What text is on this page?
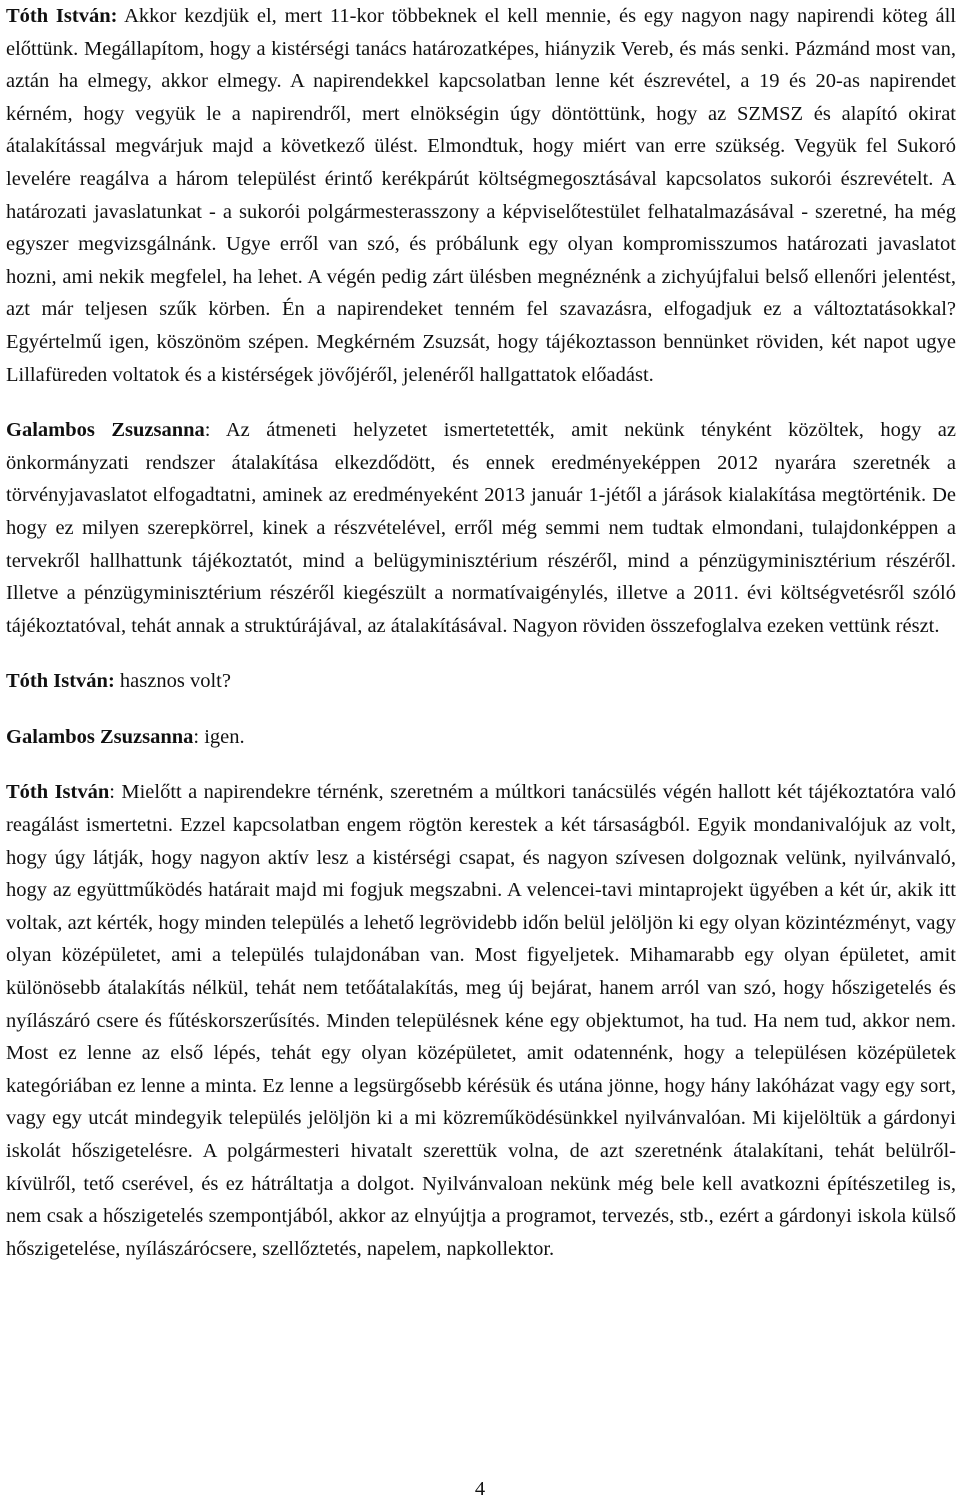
Tóth István: Akkor kezdjük el, mert 11-kor többeknek el kell mennie, és egy nagyon nagy napirendi köteg áll előttünk. Megállapítom, hogy a kistérségi tanács határozatképes, hiányzik Vereb, és más senki. Pázmánd most van, aztán ha elmegy, akkor elmegy. A napirendekkel kapcsolatban lenne két észrevétel, a 19 és 20-as napirendet kérném, hogy vegyük le a napirendről, mert elnökségin úgy döntöttünk, hogy az SZMSZ és alapító okirat átalakítással megvárjuk majd a következő ülést. Elmondtuk, hogy miért van erre szükség. Vegyük fel Sukoró levelére reagálva a három települést érintő kerékpárút költségmegosztásával kapcsolatos sukorói észrevételt. A határozati javaslatunkat - a sukorói polgármesterasszony a képviselőtestület felhatalmazásával - szeretné, ha még egyszer megvizsgálnánk. Ugye erről van szó, és próbálunk egy olyan kompromisszumos határozati javaslatot hozni, ami nekik megfelel, ha lehet. A végén pedig zárt ülésben megnéznénk a zichyújfalui belső ellenőri jelentést, azt már teljesen szűk körben. Én a napirendeket tenném fel szavazásra, elfogadjuk ez a változtatásokkal? Egyértelmű igen, köszönöm szépen. Megkérném Zsuzsát, hogy tájékoztasson bennünket röviden, két napot ugye Lillafüreden voltatok és a kistérségek jövőjéről, jelenéről hallgattatok előadást.

Galambos Zsuzsanna: Az átmeneti helyzetet ismertetették, amit nekünk tényként közöltek, hogy az önkormányzati rendszer átalakítása elkezdődött, és ennek eredményeképpen 2012 nyarára szeretnék a törvényjavaslatot elfogadtatni, aminek az eredményeként 2013 január 1-jétől a járások kialakítása megtörténik. De hogy ez milyen szerepkörrel, kinek a részvételével, erről még semmi nem tudtak elmondani, tulajdonképpen a tervekről hallhattunk tájékoztatót, mind a belügyminisztérium részéről, mind a pénzügyminisztérium részéről. Illetve a pénzügyminisztérium részéről kiegészült a normatívaigénylés, illetve a 2011. évi költségvetésről szóló tájékoztatóval, tehát annak a struktúrájával, az átalakításával. Nagyon röviden összefoglalva ezeken vettünk részt.

Tóth István: hasznos volt?

Galambos Zsuzsanna: igen.

Tóth István: Mielőtt a napirendekre térnénk, szeretném a múltkori tanácsülés végén hallott két tájékoztatóra való reagálást ismertetni. Ezzel kapcsolatban engem rögtön kerestek a két társaságból. Egyik mondanivalójuk az volt, hogy úgy látják, hogy nagyon aktív lesz a kistérségi csapat, és nagyon szívesen dolgoznak velünk, nyilvánvaló, hogy az együttműködés határait majd mi fogjuk megszabni. A velencei-tavi mintaprojekt ügyében a két úr, akik itt voltak, azt kérték, hogy minden település a lehető legrövidebb időn belül jelöljön ki egy olyan közintézményt, vagy olyan középületet, ami a település tulajdonában van. Most figyeljetek. Mihamarabb egy olyan épületet, amit különösebb átalakítás nélkül, tehát nem tetőátalakítás, meg új bejárat, hanem arról van szó, hogy hőszigetelés és nyílászáró csere és fűtéskorszerűsítés. Minden településnek kéne egy objektumot, ha tud. Ha nem tud, akkor nem. Most ez lenne az első lépés, tehát egy olyan középületet, amit odatennénk, hogy a településen középületek kategóriában ez lenne a minta. Ez lenne a legsürgősebb kérésük és utána jönne, hogy hány lakóházat vagy egy sort, vagy egy utcát mindegyik település jelöljön ki a mi közreműködésünkkel nyilvánvalóan. Mi kijelöltük a gárdonyi iskolát hőszigetelésre. A polgármesteri hivatalt szerettük volna, de azt szeretnénk átalakítani, tehát belülről-kívülről, tető cserével, és ez hátráltatja a dolgot. Nyilvánvaloan nekünk még bele kell avatkozni építészetileg is, nem csak a hőszigetelés szempontjából, akkor az elnyújtja a programot, tervezés, stb., ezért a gárdonyi iskola külső hőszigetelése, nyílászárócsere, szellőztetés, napelem, napkollektor.

4
